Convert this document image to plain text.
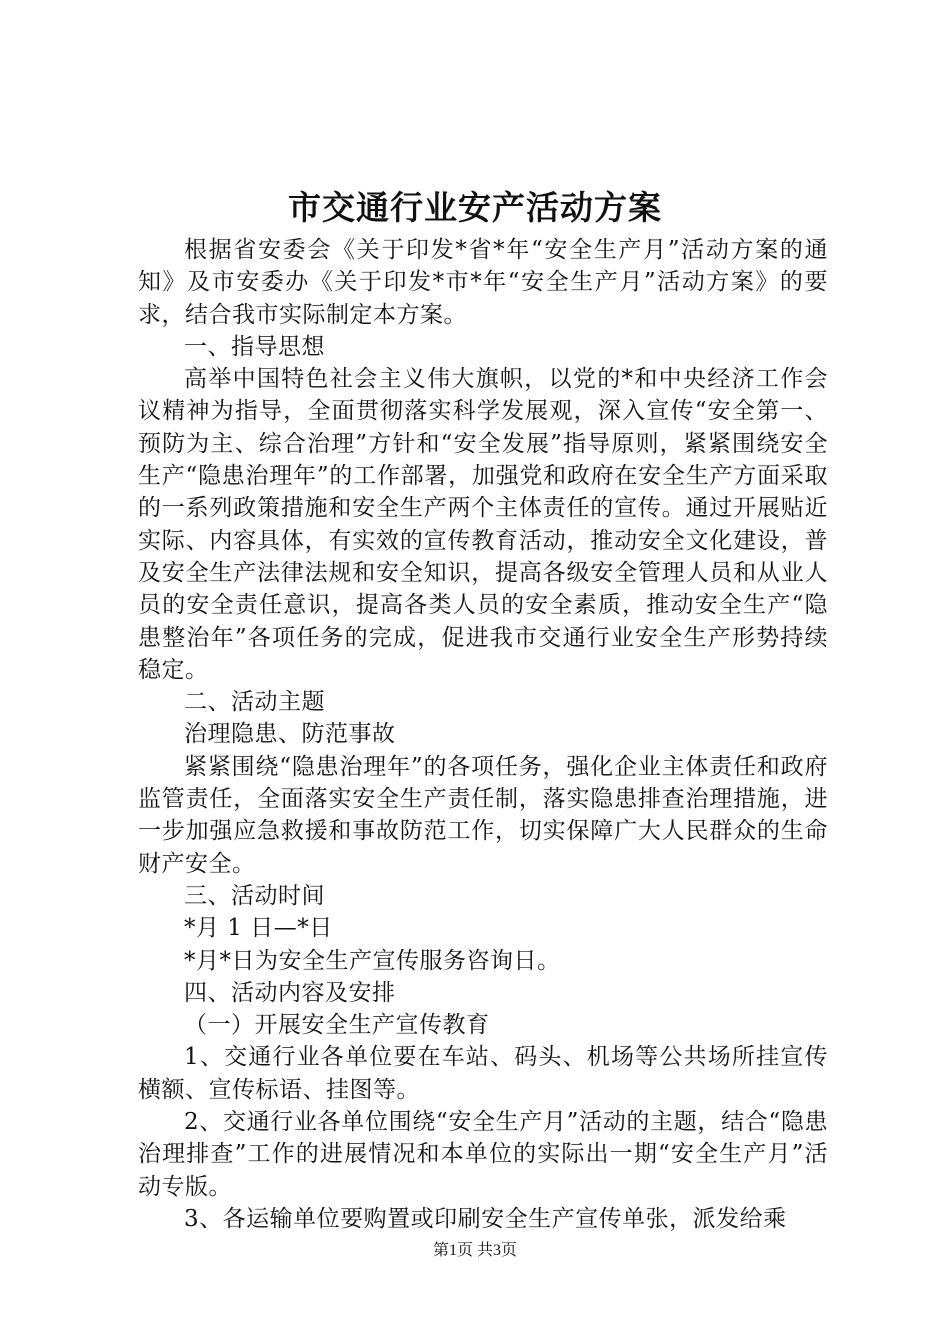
市交通行业安产活动方案

根据省安委会《关于印发*省*年“安全生产月”活动方案的通知》及市安委办《关于印发*市*年“安全生产月”活动方案》的要求，结合我市实际制定本方案。

一、指导思想

高举中国特色社会主义伟大旗帜，以党的*和中央经济工作会议精神为指导，全面贯彻落实科学发展观，深入宣传“安全第一、预防为主、综合治理”方针和“安全发展”指导原则，紧紧围绕安全生产“隐患治理年”的工作部署，加强党和政府在安全生产方面采取的一系列政策措施和安全生产两个主体责任的宣传。通过开展贴近实际、内容具体，有实效的宣传教育活动，推动安全文化建设，普及安全生产法律法规和安全知识，提高各级安全管理人员和从业人员的安全责任意识，提高各类人员的安全素质，推动安全生产“隐患整治年”各项任务的完成，促进我市交通行业安全生产形势持续稳定。

二、活动主题

治理隐患、防范事故

紧紧围绕“隐患治理年”的各项任务，强化企业主体责任和政府监管责任，全面落实安全生产责任制，落实隐患排查治理措施，进一步加强应急救援和事故防范工作，切实保障广大人民群众的生命财产安全。

三、活动时间

*月 1 日—*日

*月*日为安全生产宣传服务咨询日。

四、活动内容及安排

（一）开展安全生产宣传教育

1、交通行业各单位要在车站、码头、机场等公共场所挂宣传横额、宣传标语、挂图等。

2、交通行业各单位围绕“安全生产月”活动的主题，结合“隐患治理排查”工作的进展情况和本单位的实际出一期“安全生产月”活动专版。

3、各运输单位要购置或印刷安全生产宣传单张，派发给乘

第1页 共3页
